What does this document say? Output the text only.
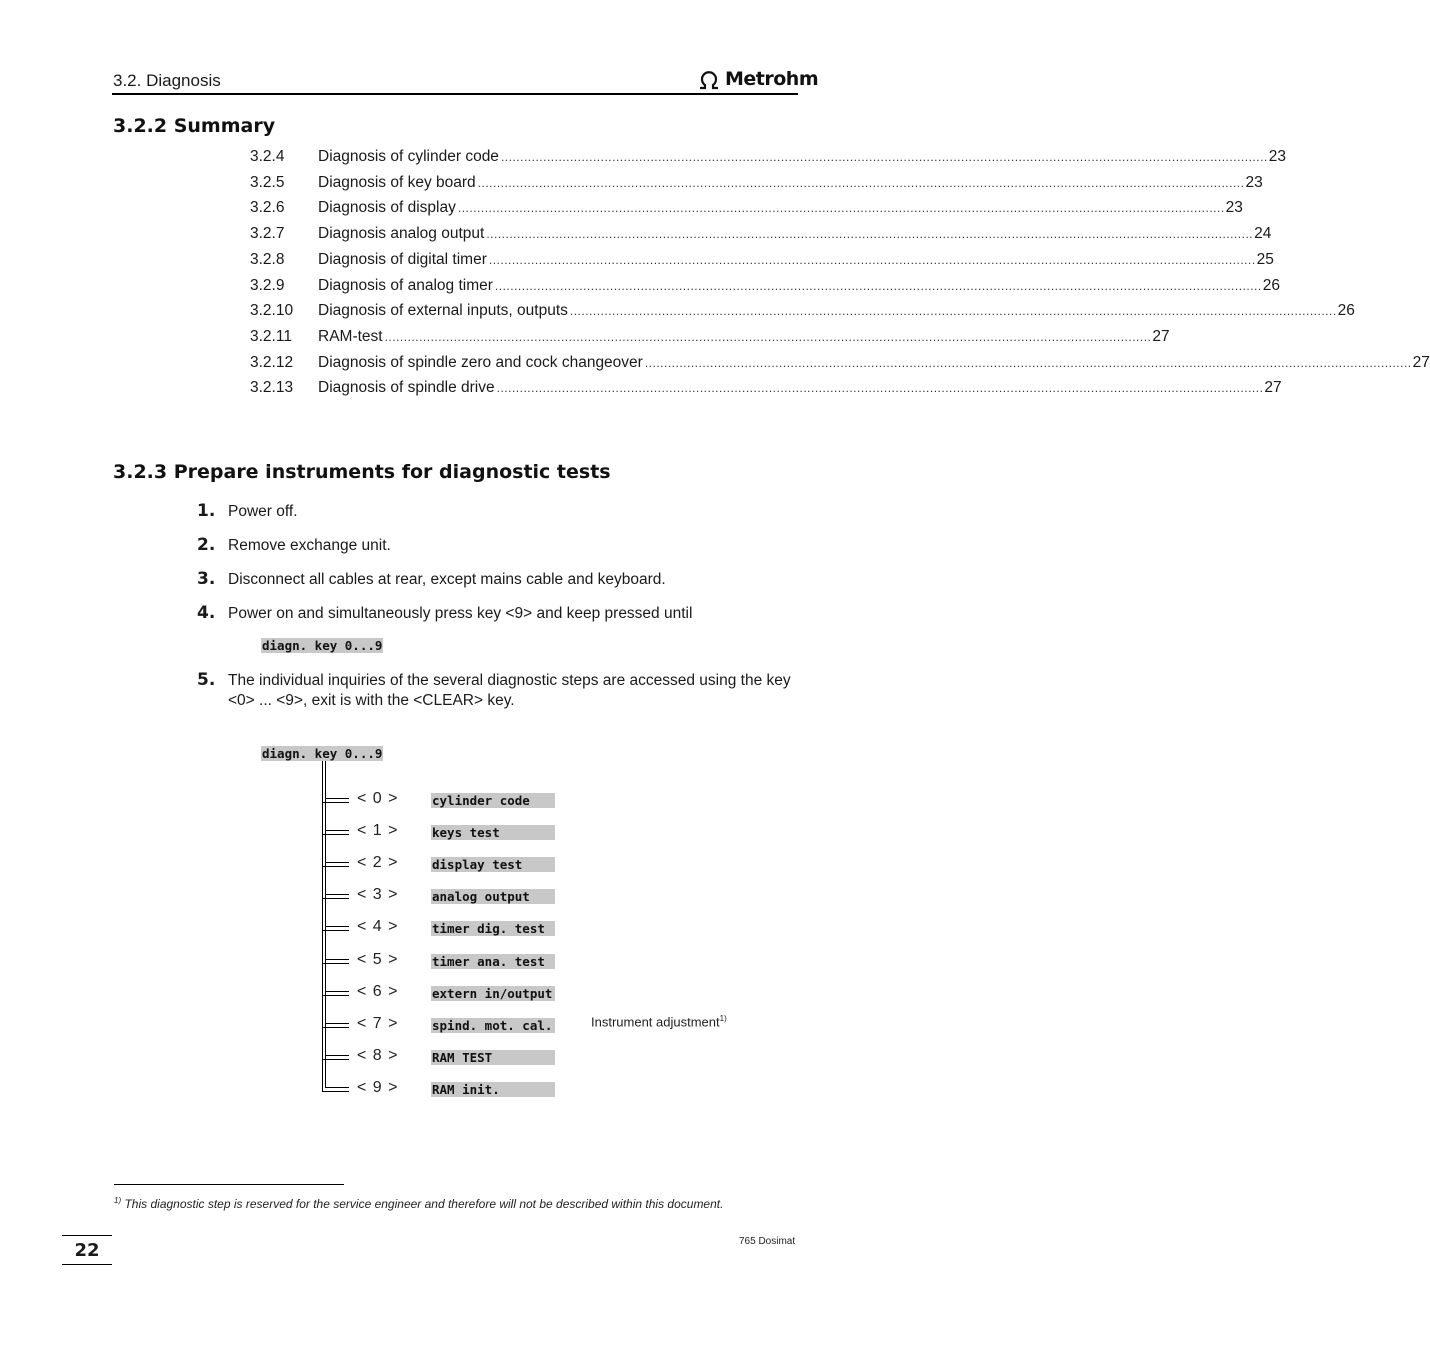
3.2. Diagnosis	Metrohm
3.2.2 Summary
3.2.4 Diagnosis of cylinder code ........................................................................................................................................................................................................ 23
3.2.5 Diagnosis of key board ........................................................................................................................................................................................................ 23
3.2.6 Diagnosis of display ........................................................................................................................................................................................................ 23
3.2.7 Diagnosis analog output ........................................................................................................................................................................................................ 24
3.2.8 Diagnosis of digital timer ........................................................................................................................................................................................................ 25
3.2.9 Diagnosis of analog timer ........................................................................................................................................................................................................ 26
3.2.10 Diagnosis of external inputs, outputs ........................................................................................................................................................................................................ 26
3.2.11 RAM-test ........................................................................................................................................................................................................ 27
3.2.12 Diagnosis of spindle zero and cock changeover ........................................................................................................................................................................................................ 27
3.2.13 Diagnosis of spindle drive ........................................................................................................................................................................................................ 27
3.2.3 Prepare instruments for diagnostic tests
1. Power off.
2. Remove exchange unit.
3. Disconnect all cables at rear, except mains cable and keyboard.
4. Power on and simultaneously press key <9> and keep pressed until
diagn. key 0...9
5. The individual inquiries of the several diagnostic steps are accessed using the key <0> ... <9>, exit is with the <CLEAR> key.
diagn. key 0...9
< 0 >	cylinder code
< 1 >	keys test
< 2 >	display test
< 3 >	analog output
< 4 >	timer dig. test
< 5 >	timer ana. test
< 6 >	extern in/output
< 7 >	spind. mot. cal.
< 8 >	RAM TEST
< 9 >	RAM init.
Instrument adjustment$^{1)}$
$^{1)}$ This diagnostic step is reserved for the service engineer and therefore will not be described within this document.
22	765 Dosimat
